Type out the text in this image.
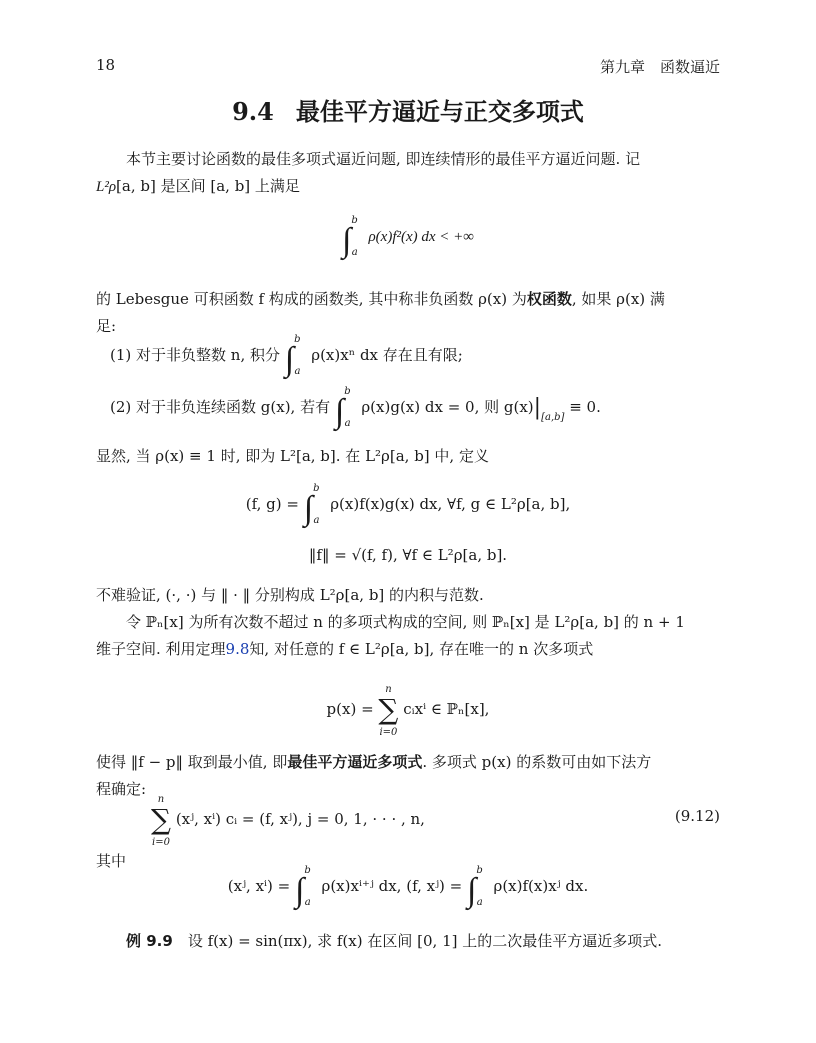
18	第九章　函数逼近
9.4 最佳平方逼近与正交多项式
本节主要讨论函数的最佳多项式逼近问题, 即连续情形的最佳平方逼近问题. 记
L²ρ[a, b] 是区间 [a, b] 上满足
∫$^b_a$ ρ(x)f²(x) dx < +∞
的 Lebesgue 可积函数 f 构成的函数类, 其中称非负函数 ρ(x) 为权函数, 如果 ρ(x) 满
足:
(1) 对于非负整数 n, 积分 ∫$^b_a$ ρ(x)xⁿ dx 存在且有限;
(2) 对于非负连续函数 g(x), 若有 ∫$^b_a$ ρ(x)g(x) dx = 0, 则 $g(x)|_{[a,b]} \equiv 0$.
显然, 当 ρ(x) ≡ 1 时, 即为 L²[a, b]. 在 L²ρ[a, b] 中, 定义
(f, g) = ∫$^b_a$ ρ(x)f(x)g(x) dx, ∀f, g ∈ L²ρ[a, b],
‖f‖ = √(f, f), ∀f ∈ L²ρ[a, b].
不难验证, (·, ·) 与 ‖ · ‖ 分别构成 L²ρ[a, b] 的内积与范数.
令 ℙₙ[x] 为所有次数不超过 n 的多项式构成的空间, 则 ℙₙ[x] 是 L²ρ[a, b] 的 n + 1
维子空间. 利用定理9.8知, 对任意的 f ∈ L²ρ[a, b], 存在唯一的 n 次多项式
p(x) = n
∑
i=0 cᵢxⁱ ∈ ℙₙ[x],
使得 ‖f − p‖ 取到最小值, 即最佳平方逼近多项式. 多项式 p(x) 的系数可由如下法方
程确定:
n
∑
i=0 (xʲ, xⁱ) cᵢ = (f, xʲ), j = 0, 1, · · · , n,	(9.12)
其中
(xʲ, xⁱ) = ∫$^b_a$ ρ(x)xⁱ⁺ʲ dx, (f, xʲ) = ∫$^b_a$ ρ(x)f(x)xʲ dx.
例 9.9　 设 f(x) = sin(πx), 求 f(x) 在区间 [0, 1] 上的二次最佳平方逼近多项式.
